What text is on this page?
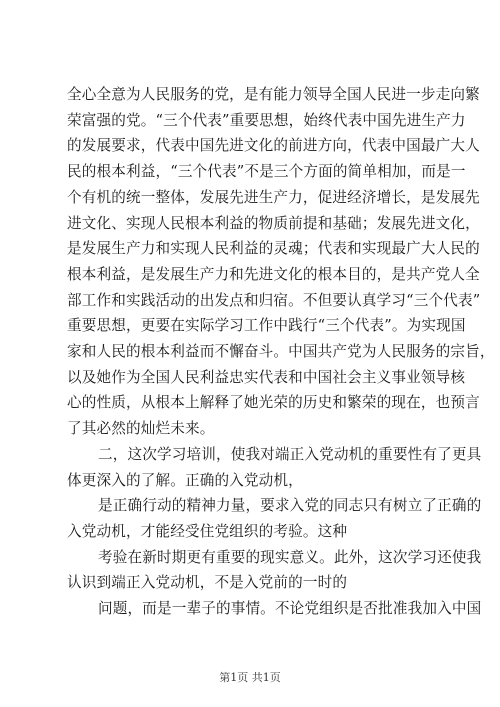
全心全意为人民服务的党，是有能力领导全国人民进一步走向繁
荣富强的党。“三个代表”重要思想，始终代表中国先进生产力
的发展要求，代表中国先进文化的前进方向，代表中国最广大人
民的根本利益，“三个代表”不是三个方面的简单相加，而是一
个有机的统一整体，发展先进生产力，促进经济增长，是发展先
进文化、实现人民根本利益的物质前提和基础；发展先进文化，
是发展生产力和实现人民利益的灵魂；代表和实现最广大人民的
根本利益，是发展生产力和先进文化的根本目的，是共产党人全
部工作和实践活动的出发点和归宿。不但要认真学习“三个代表”
重要思想，更要在实际学习工作中践行“三个代表”。为实现国
家和人民的根本利益而不懈奋斗。中国共产党为人民服务的宗旨，
以及她作为全国人民利益忠实代表和中国社会主义事业领导核
心的性质，从根本上解释了她光荣的历史和繁荣的现在，也预言
了其必然的灿烂未来。
二，这次学习培训，使我对端正入党动机的重要性有了更具
体更深入的了解。正确的入党动机，
是正确行动的精神力量，要求入党的同志只有树立了正确的
入党动机，才能经受住党组织的考验。这种
考验在新时期更有重要的现实意义。此外，这次学习还使我
认识到端正入党动机，不是入党前的一时的
问题，而是一辈子的事情。不论党组织是否批准我加入中国
第1页 共1页
